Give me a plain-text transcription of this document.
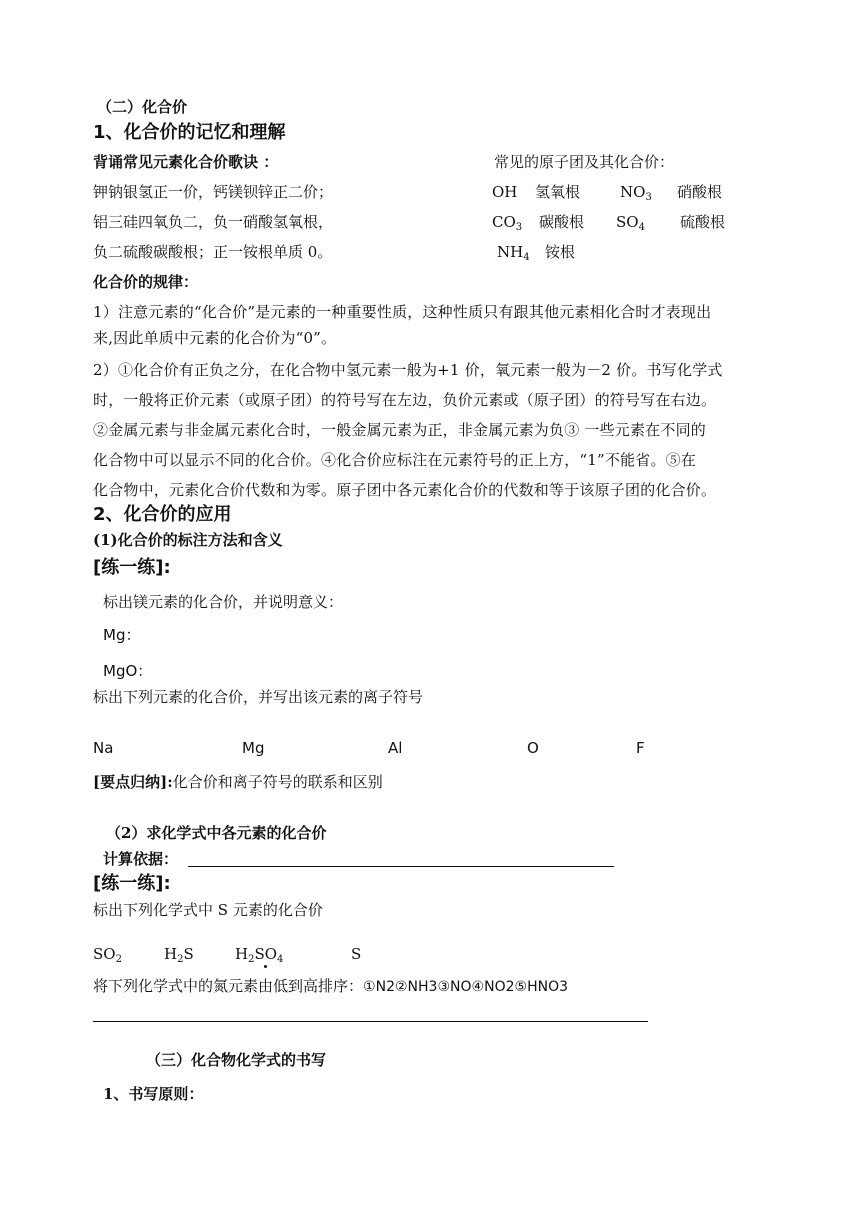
（二）化合价
1、化合价的记忆和理解
背诵常见元素化合价歌诀 ：
钾钠银氢正一价，钙镁钡锌正二价；
铝三硅四氧负二，负一硝酸氢氧根，
负二硫酸碳酸根；正一铵根单质 0。
常见的原子团及其化合价：
OH 氢氧根	$NO_3$ 硝酸根
$CO_3$ 碳酸根 $SO_4$ 硫酸根
$NH_4$ 铵根
化合价的规律：
1）注意元素的“化合价”是元素的一种重要性质，这种性质只有跟其他元素相化合时才表现出
来,因此单质中元素的化合价为“0”。
2）①化合价有正负之分，在化合物中氢元素一般为+1 价，氧元素一般为－2 价。书写化学式
时，一般将正价元素（或原子团）的符号写在左边，负价元素或（原子团）的符号写在右边。
②金属元素与非金属元素化合时，一般金属元素为正，非金属元素为负③ 一些元素在不同的
化合物中可以显示不同的化合价。④化合价应标注在元素符号的正上方，“1”不能省。⑤在
化合物中，元素化合价代数和为零。原子团中各元素化合价的代数和等于该原子团的化合价。
2、化合价的应用
(1)化合价的标注方法和含义
[练一练]:
标出镁元素的化合价，并说明意义：
Mg：
MgO：
标出下列元素的化合价，并写出该元素的离子符号
Na	Mg	Al	O	F
[要点归纳]:化合价和离子符号的联系和区别
（2）求化学式中各元素的化合价
计算依据：
[练一练]:
标出下列化学式中 S 元素的化合价
$SO_2$	$H_2S$	$H_2SO_4$	S
将下列化学式中的氮元素由低到高排序：①N2②NH3③NO④NO2⑤HNO3
（三）化合物化学式的书写
1、书写原则：
